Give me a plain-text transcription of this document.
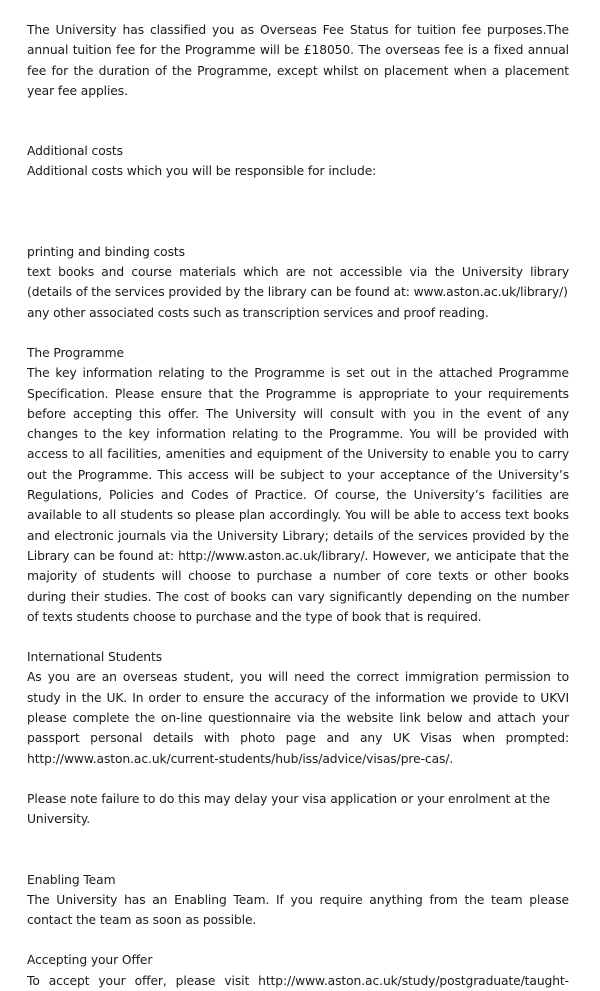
The University has classified you as Overseas Fee Status for tuition fee purposes.The annual tuition fee for the Programme will be £18050. The overseas fee is a fixed annual fee for the duration of the Programme, except whilst on placement when a placement year fee applies.

Additional costs

Additional costs which you will be responsible for include:

printing and binding costs

text books and course materials which are not accessible via the University library (details of the services provided by the library can be found at: www.aston.ac.uk/library/)

any other associated costs such as transcription services and proof reading.

The Programme

The key information relating to the Programme is set out in the attached Programme Specification. Please ensure that the Programme is appropriate to your requirements before accepting this offer. The University will consult with you in the event of any changes to the key information relating to the Programme. You will be provided with access to all facilities, amenities and equipment of the University to enable you to carry out the Programme. This access will be subject to your acceptance of the University’s Regulations, Policies and Codes of Practice. Of course, the University’s facilities are available to all students so please plan accordingly. You will be able to access text books and electronic journals via the University Library; details of the services provided by the Library can be found at: http://www.aston.ac.uk/library/. However, we anticipate that the majority of students will choose to purchase a number of core texts or other books during their studies. The cost of books can vary significantly depending on the number of texts students choose to purchase and the type of book that is required.

International Students

As you are an overseas student, you will need the correct immigration permission to study in the UK. In order to ensure the accuracy of the information we provide to UKVI please complete the on-line questionnaire via the website link below and attach your passport personal details with photo page and any UK Visas when prompted: http://www.aston.ac.uk/current-students/hub/iss/advice/visas/pre-cas/.

Please note failure to do this may delay your visa application or your enrolment at the University.

Enabling Team

The University has an Enabling Team. If you require anything from the team please contact the team as soon as possible.

Accepting your Offer

To accept your offer, please visit http://www.aston.ac.uk/study/postgraduate/taught-
